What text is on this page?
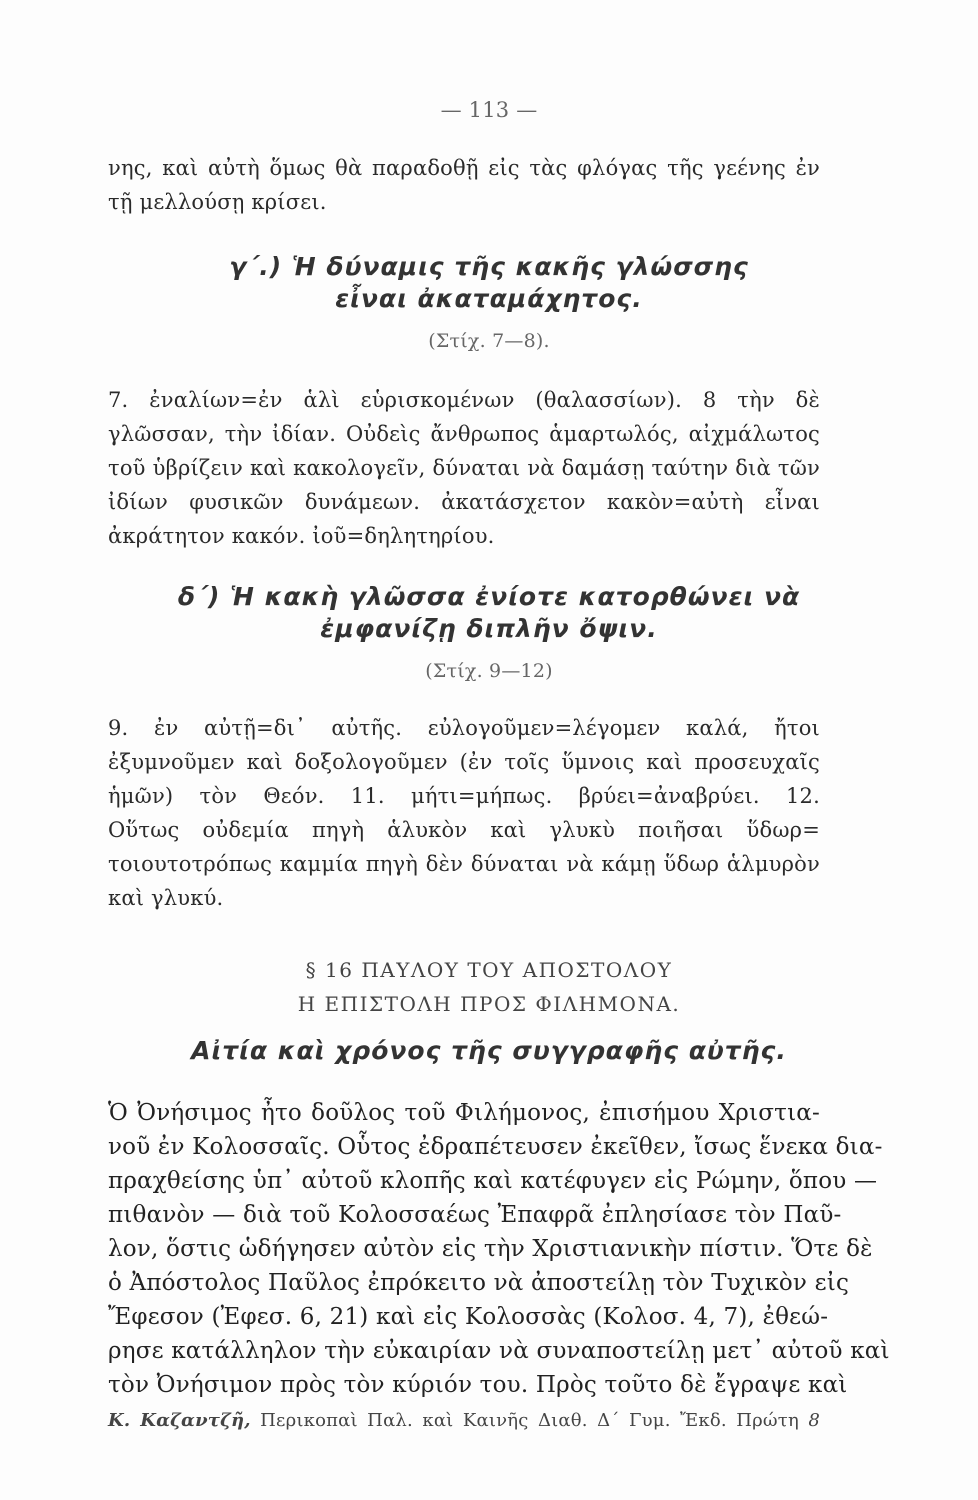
— 113 —
νης, καὶ αὐτὴ ὅμως θὰ παραδοθῇ εἰς τὰς φλόγας τῆς γεένης ἐν
τῇ μελλούσῃ κρίσει.
γ΄.) Ἡ δύναμις τῆς κακῆς γλώσσης
εἶναι ἀκαταμάχητος.
(Στίχ. 7—8).
7. ἐναλίων=ἐν ἁλὶ εὑρισκομένων (θαλασσίων). 8 τὴν δὲ
γλῶσσαν, τὴν ἰδίαν. Οὐδεὶς ἄνθρωπος ἁμαρτωλός, αἰχμάλωτος
τοῦ ὑβρίζειν καὶ κακολογεῖν, δύναται νὰ δαμάσῃ ταύτην διὰ τῶν
ἰδίων φυσικῶν δυνάμεων. ἀκατάσχετον κακὸν=αὐτὴ εἶναι
ἀκράτητον κακόν. ἰοῦ=δηλητηρίου.
δ΄) Ἡ κακὴ γλῶσσα ἐνίοτε κατορθώνει νὰ
ἐμφανίζῃ διπλῆν ὄψιν.
(Στίχ. 9—12)
9. ἐν αὐτῇ=δι᾿ αὐτῆς. εὐλογοῦμεν=λέγομεν καλά, ἤτοι
ἐξυμνοῦμεν καὶ δοξολογοῦμεν (ἐν τοῖς ὕμνοις καὶ προσευχαῖς
ἡμῶν) τὸν Θεόν. 11. μήτι=μήπως. βρύει=ἀναβρύει. 12.
Οὕτως οὐδεμία πηγὴ ἁλυκὸν καὶ γλυκὺ ποιῆσαι ὕδωρ=
τοιουτοτρόπως καμμία πηγὴ δὲν δύναται νὰ κάμῃ ὕδωρ ἁλμυρὸν
καὶ γλυκύ.
§ 16 ΠΑΥΛΟΥ ΤΟΥ ΑΠΟΣΤΟΛΟΥ
Η ΕΠΙΣΤΟΛΗ ΠΡΟΣ ΦΙΛΗΜΟΝΑ.
Αἰτία καὶ χρόνος τῆς συγγραφῆς αὐτῆς.
Ὁ Ὀνήσιμος ἦτο δοῦλος τοῦ Φιλήμονος, ἐπισήμου Χριστια-
νοῦ ἐν Κολοσσαῖς. Οὗτος ἐδραπέτευσεν ἐκεῖθεν, ἴσως ἕνεκα δια-
πραχθείσης ὑπ᾿ αὐτοῦ κλοπῆς καὶ κατέφυγεν εἰς Ρώμην, ὅπου —
πιθανὸν — διὰ τοῦ Κολοσσαέως Ἐπαφρᾶ ἐπλησίασε τὸν Παῦ-
λον, ὅστις ὡδήγησεν αὐτὸν εἰς τὴν Χριστιανικὴν πίστιν. Ὅτε δὲ
ὁ Ἀπόστολος Παῦλος ἐπρόκειτο νὰ ἀποστείλῃ τὸν Τυχικὸν εἰς
Ἔφεσον (Ἐφεσ. 6, 21) καὶ εἰς Κολοσσὰς (Κολοσ. 4, 7), ἐθεώ-
ρησε κατάλληλον τὴν εὐκαιρίαν νὰ συναποστείλῃ μετ᾿ αὐτοῦ καὶ
τὸν Ὀνήσιμον πρὸς τὸν κύριόν του. Πρὸς τοῦτο δὲ ἔγραψε καὶ
Κ. Καζαντζῆ, Περικοπαὶ Παλ. καὶ Καινῆς Διαθ. Δ΄ Γυμ. Ἔκδ. Πρώτη 8
